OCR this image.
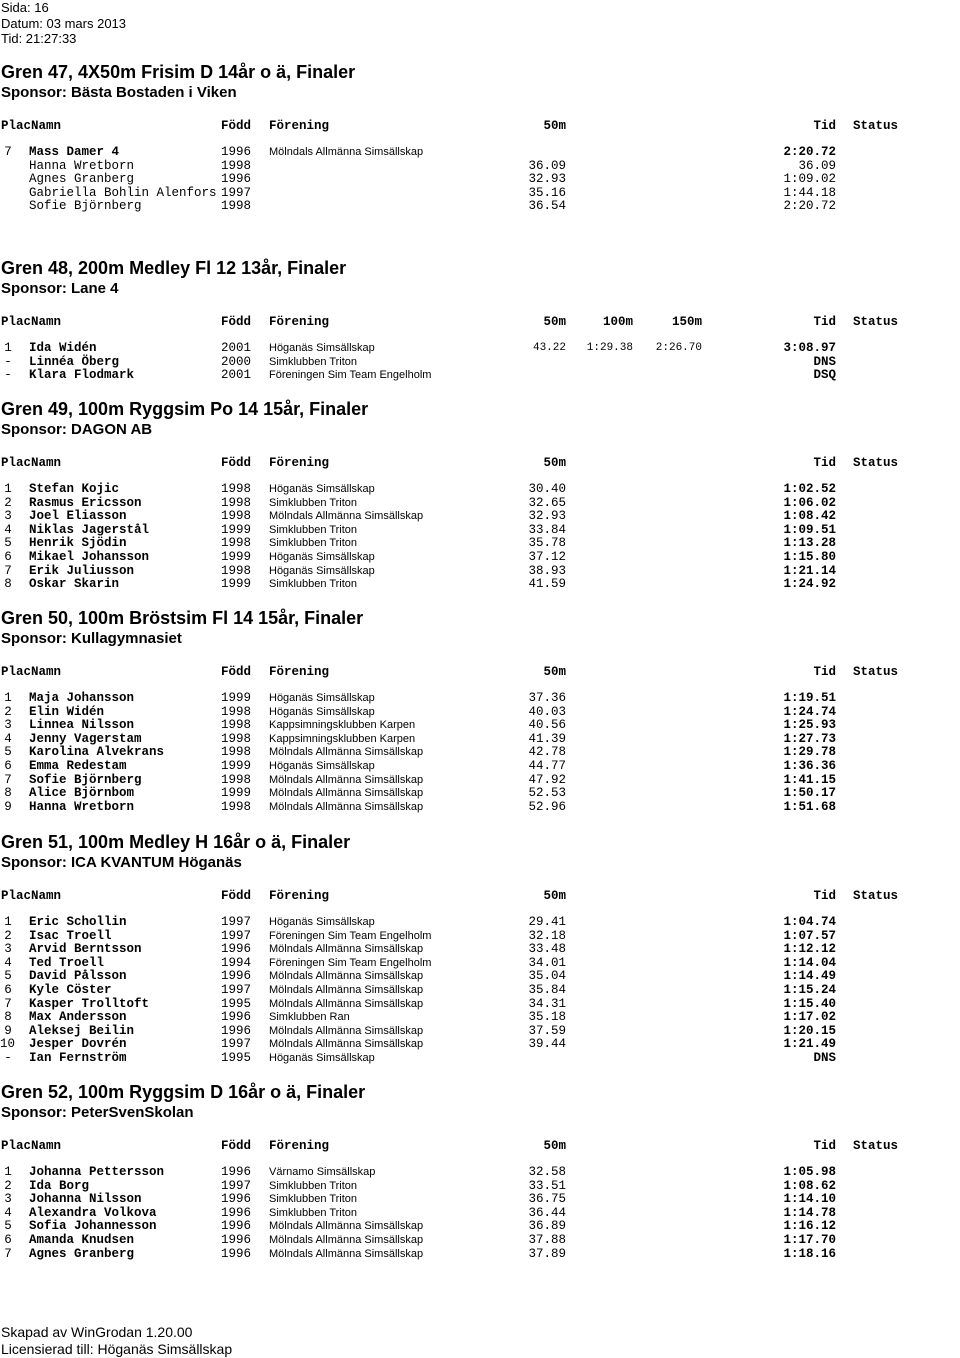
Sida: 16
Datum: 03 mars 2013
Tid: 21:27:33
Gren 47, 4X50m Frisim D 14år o ä, Finaler
Sponsor: Bästa Bostaden i Viken
PlacNamn	Född Förening	50m	Tid Status
7 Mass Damer 4	1996 Mölndals Allmänna Simsällskap	2:20.72
Hanna Wretborn	1998	36.09	36.09
Agnes Granberg	1996	32.93	1:09.02
Gabriella Bohlin Alenfors 1997	35.16	1:44.18
Sofie Björnberg	1998	36.54	2:20.72
Gren 48, 200m Medley Fl 12 13år, Finaler
Sponsor: Lane 4
PlacNamn	Född Förening	50m	100m	150m	Tid Status
1 Ida Widén	2001 Höganäs Simsällskap	43.22 1:29.38 2:26.70	3:08.97
- Linnéa Öberg	2000 Simklubben Triton	DNS
- Klara Flodmark	2001 Föreningen Sim Team Engelholm	DSQ
Gren 49, 100m Ryggsim Po 14 15år, Finaler
Sponsor: DAGON AB
PlacNamn	Född Förening	50m	Tid Status
1 Stefan Kojic	1998 Höganäs Simsällskap	30.40	1:02.52
2 Rasmus Ericsson	1998 Simklubben Triton	32.65	1:06.02
3 Joel Eliasson	1998 Mölndals Allmänna Simsällskap	32.93	1:08.42
4 Niklas Jagerstål	1999 Simklubben Triton	33.84	1:09.51
5 Henrik Sjödin	1998 Simklubben Triton	35.78	1:13.28
6 Mikael Johansson	1999 Höganäs Simsällskap	37.12	1:15.80
7 Erik Juliusson	1998 Höganäs Simsällskap	38.93	1:21.14
8 Oskar Skarin	1999 Simklubben Triton	41.59	1:24.92
Gren 50, 100m Bröstsim Fl 14 15år, Finaler
Sponsor: Kullagymnasiet
PlacNamn	Född Förening	50m	Tid Status
1 Maja Johansson	1999 Höganäs Simsällskap	37.36	1:19.51
2 Elin Widén	1998 Höganäs Simsällskap	40.03	1:24.74
3 Linnea Nilsson	1998 Kappsimningsklubben Karpen	40.56	1:25.93
4 Jenny Vagerstam	1998 Kappsimningsklubben Karpen	41.39	1:27.73
5 Karolina Alvekrans	1998 Mölndals Allmänna Simsällskap	42.78	1:29.78
6 Emma Redestam	1999 Höganäs Simsällskap	44.77	1:36.36
7 Sofie Björnberg	1998 Mölndals Allmänna Simsällskap	47.92	1:41.15
8 Alice Björnbom	1999 Mölndals Allmänna Simsällskap	52.53	1:50.17
9 Hanna Wretborn	1998 Mölndals Allmänna Simsällskap	52.96	1:51.68
Gren 51, 100m Medley H 16år o ä, Finaler
Sponsor: ICA KVANTUM Höganäs
PlacNamn	Född Förening	50m	Tid Status
1 Eric Schollin	1997 Höganäs Simsällskap	29.41	1:04.74
2 Isac Troell	1997 Föreningen Sim Team Engelholm	32.18	1:07.57
3 Arvid Berntsson	1996 Mölndals Allmänna Simsällskap	33.48	1:12.12
4 Ted Troell	1994 Föreningen Sim Team Engelholm	34.01	1:14.04
5 David Pålsson	1996 Mölndals Allmänna Simsällskap	35.04	1:14.49
6 Kyle Cöster	1997 Mölndals Allmänna Simsällskap	35.84	1:15.24
7 Kasper Trolltoft	1995 Mölndals Allmänna Simsällskap	34.31	1:15.40
8 Max Andersson	1996 Simklubben Ran	35.18	1:17.02
9 Aleksej Beilin	1996 Mölndals Allmänna Simsällskap	37.59	1:20.15
10 Jesper Dovrén	1997 Mölndals Allmänna Simsällskap	39.44	1:21.49
- Ian Fernström	1995 Höganäs Simsällskap	DNS
Gren 52, 100m Ryggsim D 16år o ä, Finaler
Sponsor: PeterSvenSkolan
PlacNamn	Född Förening	50m	Tid Status
1 Johanna Pettersson	1996 Värnamo Simsällskap	32.58	1:05.98
2 Ida Borg	1997 Simklubben Triton	33.51	1:08.62
3 Johanna Nilsson	1996 Simklubben Triton	36.75	1:14.10
4 Alexandra Volkova	1996 Simklubben Triton	36.44	1:14.78
5 Sofia Johannesson	1996 Mölndals Allmänna Simsällskap	36.89	1:16.12
6 Amanda Knudsen	1996 Mölndals Allmänna Simsällskap	37.88	1:17.70
7 Agnes Granberg	1996 Mölndals Allmänna Simsällskap	37.89	1:18.16
Skapad av WinGrodan 1.20.00
Licensierad till: Höganäs Simsällskap
